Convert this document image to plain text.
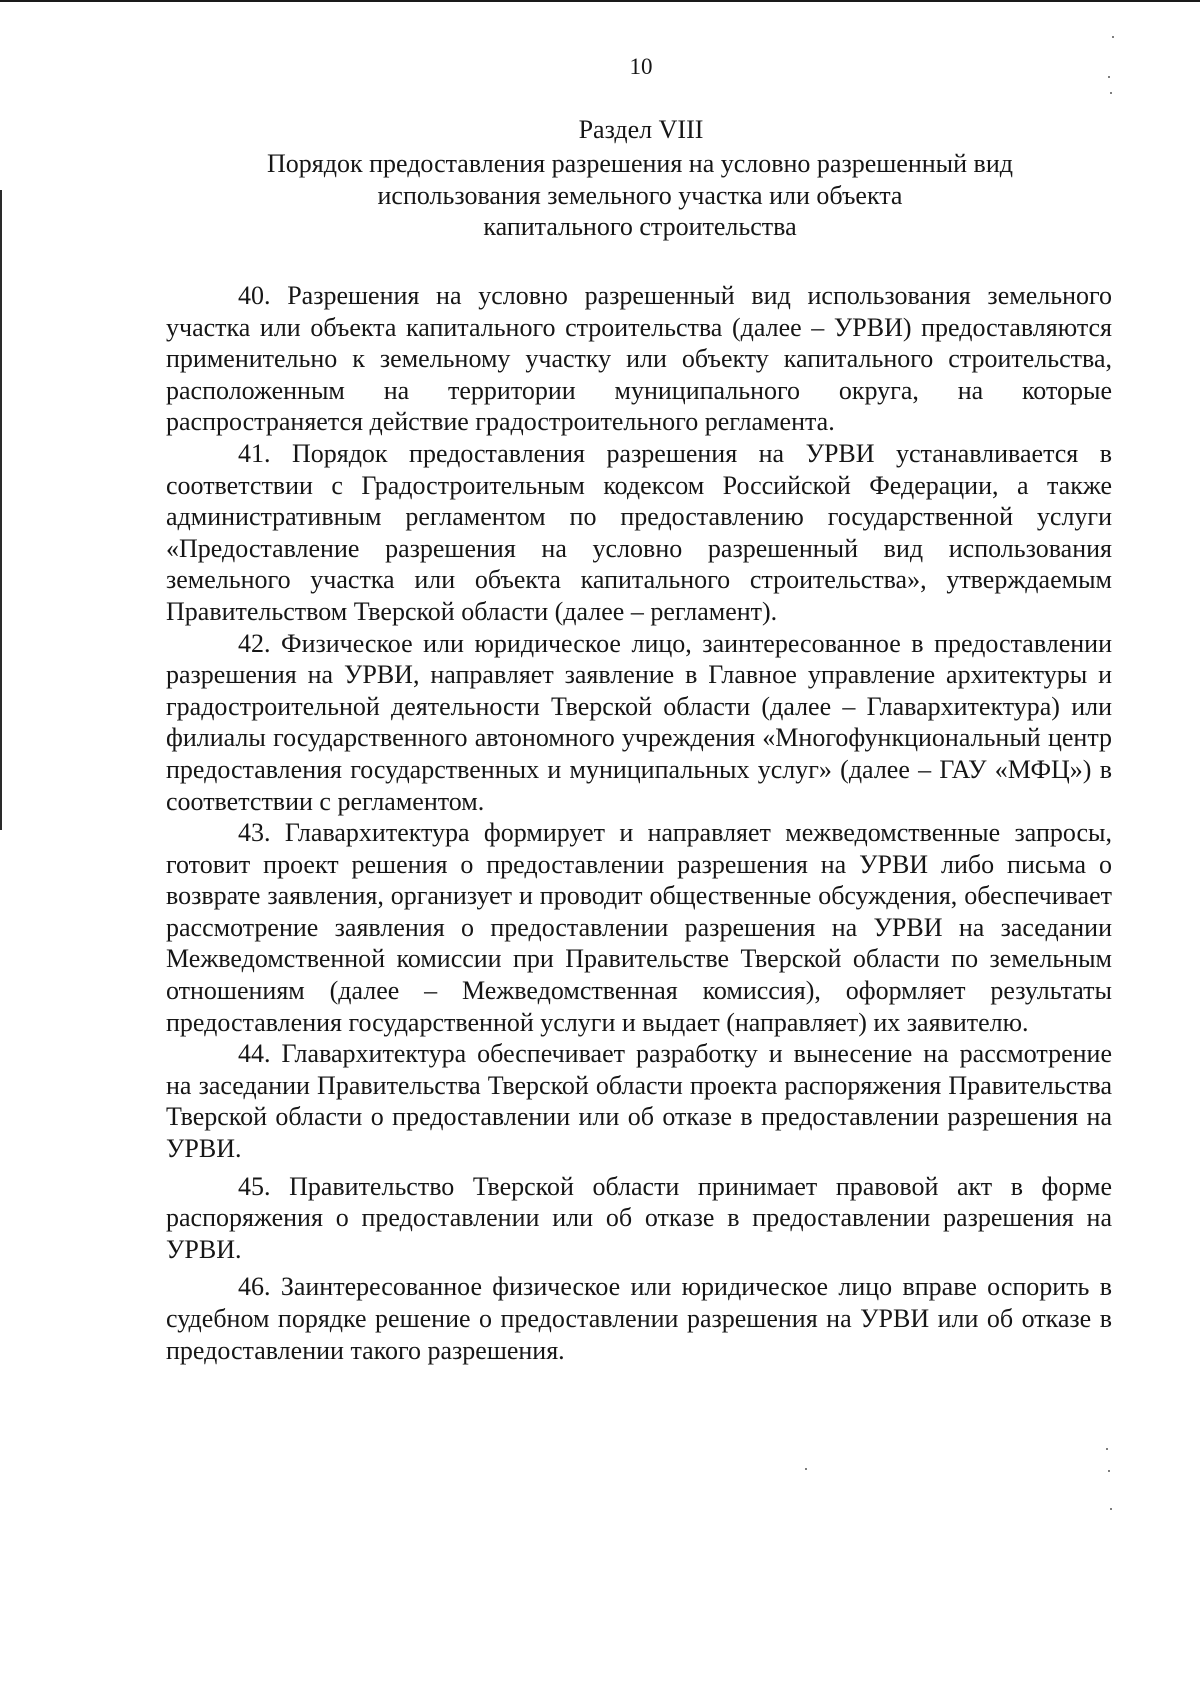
10
Раздел VIII
Порядок предоставления разрешения на условно разрешенный вид
использования земельного участка или объекта
капитального строительства

40. Разрешения на условно разрешенный вид использования земельного участка или объекта капитального строительства (далее – УРВИ) предоставляются применительно к земельному участку или объекту капитального строительства, расположенным на территории муниципального округа, на которые распространяется действие градостроительного регламента.

41. Порядок предоставления разрешения на УРВИ устанавливается в соответствии с Градостроительным кодексом Российской Федерации, а также административным регламентом по предоставлению государственной услуги «Предоставление разрешения на условно разрешенный вид использования земельного участка или объекта капитального строительства», утверждаемым Правительством Тверской области (далее – регламент).

42. Физическое или юридическое лицо, заинтересованное в предоставлении разрешения на УРВИ, направляет заявление в Главное управление архитектуры и градостроительной деятельности Тверской области (далее – Главархитектура) или филиалы государственного автономного учреждения «Многофункциональный центр предоставления государственных и муниципальных услуг» (далее – ГАУ «МФЦ») в соответствии с регламентом.

43. Главархитектура формирует и направляет межведомственные запросы, готовит проект решения о предоставлении разрешения на УРВИ либо письма о возврате заявления, организует и проводит общественные обсуждения, обеспечивает рассмотрение заявления о предоставлении разрешения на УРВИ на заседании Межведомственной комиссии при Правительстве Тверской области по земельным отношениям (далее – Межведомственная комиссия), оформляет результаты предоставления государственной услуги и выдает (направляет) их заявителю.

44. Главархитектура обеспечивает разработку и вынесение на рассмотрение на заседании Правительства Тверской области проекта распоряжения Правительства Тверской области о предоставлении или об отказе в предоставлении разрешения на УРВИ.

45. Правительство Тверской области принимает правовой акт в форме распоряжения о предоставлении или об отказе в предоставлении разрешения на УРВИ.

46. Заинтересованное физическое или юридическое лицо вправе оспорить в судебном порядке решение о предоставлении разрешения на УРВИ или об отказе в предоставлении такого разрешения.
